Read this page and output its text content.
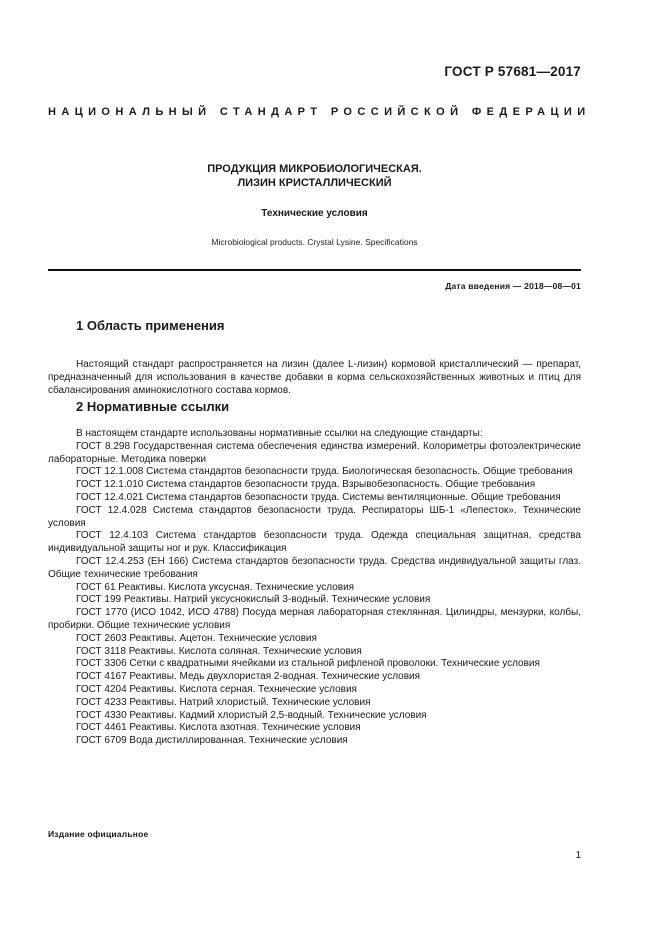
ГОСТ Р 57681—2017
НАЦИОНАЛЬНЫЙ СТАНДАРТ РОССИЙСКОЙ ФЕДЕРАЦИИ
ПРОДУКЦИЯ МИКРОБИОЛОГИЧЕСКАЯ.
ЛИЗИН КРИСТАЛЛИЧЕСКИЙ
Технические условия
Microbiological products. Crystal Lysine. Specifications
Дата введения — 2018—08—01
1 Область применения

Настоящий стандарт распространяется на лизин (далее L-лизин) кормовой кристаллический — препарат, предназначенный для использования в качестве добавки в корма сельскохозяйственных животных и птиц для сбалансирования аминокислотного состава кормов.

2 Нормативные ссылки

В настоящем стандарте использованы нормативные ссылки на следующие стандарты:

ГОСТ 8.298 Государственная система обеспечения единства измерений. Колориметры фотоэлектрические лабораторные. Методика поверки

ГОСТ 12.1.008 Система стандартов безопасности труда. Биологическая безопасность. Общие требования

ГОСТ 12.1.010 Система стандартов безопасности труда. Взрывобезопасность. Общие требования

ГОСТ 12.4.021 Система стандартов безопасности труда. Системы вентиляционные. Общие требования

ГОСТ 12.4.028 Система стандартов безопасности труда. Респираторы ШБ-1 «Лепесток». Технические условия

ГОСТ 12.4.103 Система стандартов безопасности труда. Одежда специальная защитная, средства индивидуальной защиты ног и рук. Классификация

ГОСТ 12.4.253 (ЕН 166) Система стандартов безопасности труда. Средства индивидуальной защиты глаз. Общие технические требования

ГОСТ 61 Реактивы. Кислота уксусная. Технические условия

ГОСТ 199 Реактивы. Натрий уксуснокислый 3-водный. Технические условия

ГОСТ 1770 (ИСО 1042, ИСО 4788) Посуда мерная лабораторная стеклянная. Цилиндры, мензурки, колбы, пробирки. Общие технические условия

ГОСТ 2603 Реактивы. Ацетон. Технические условия

ГОСТ 3118 Реактивы. Кислота соляная. Технические условия

ГОСТ 3306 Сетки с квадратными ячейками из стальной рифленой проволоки. Технические условия

ГОСТ 4167 Реактивы. Медь двухлористая 2-водная. Технические условия

ГОСТ 4204 Реактивы. Кислота серная. Технические условия

ГОСТ 4233 Реактивы. Натрий хлористый. Технические условия

ГОСТ 4330 Реактивы. Кадмий хлористый 2,5-водный. Технические условия

ГОСТ 4461 Реактивы. Кислота азотная. Технические условия

ГОСТ 6709 Вода дистиллированная. Технические условия

Издание официальное
1
